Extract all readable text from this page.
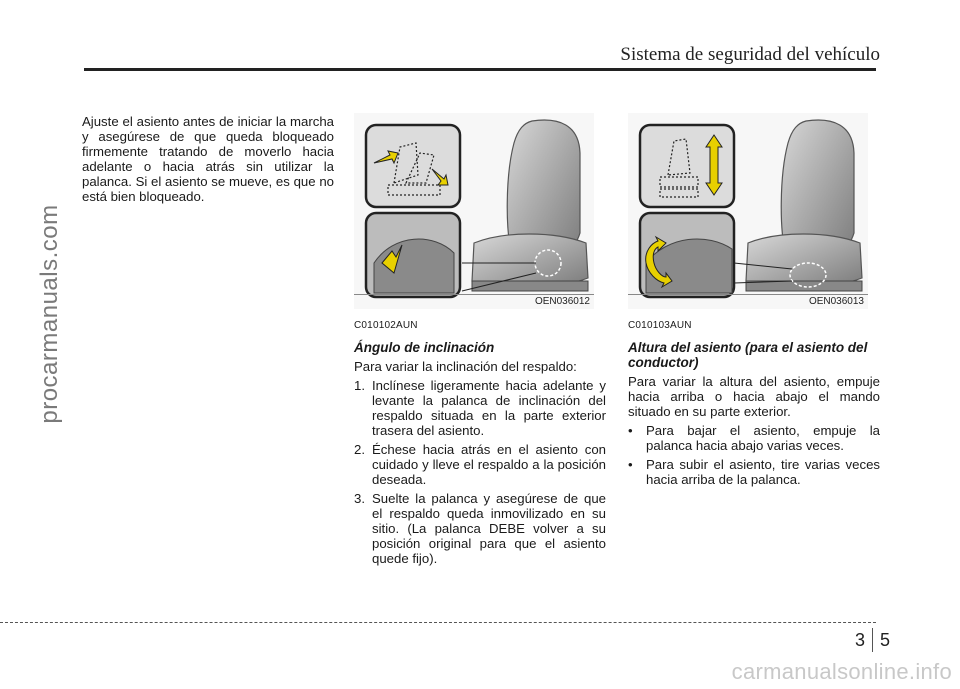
Sistema de seguridad del vehículo
procarmanuals.com
Ajuste el asiento antes de iniciar la marcha y asegúrese de que queda bloqueado firmemente tratando de moverlo hacia adelante o hacia atrás sin utilizar la palanca. Si el asiento se mueve, es que no está bien bloqueado.
OEN036012	OEN036013
C010102AUN
Ángulo de inclinación
Para variar la inclinación del respaldo:
1. Inclínese ligeramente hacia adelante y levante la palanca de inclinación del respaldo situada en la parte exterior trasera del asiento.
2. Échese hacia atrás en el asiento con cuidado y lleve el respaldo a la posición deseada.
3. Suelte la palanca y asegúrese de que el respaldo queda inmovilizado en su sitio. (La palanca DEBE volver a su posición original para que el asiento quede fijo).
C010103AUN
Altura del asiento (para el asiento del conductor)
Para variar la altura del asiento, empuje hacia arriba o hacia abajo el mando situado en su parte exterior.
• Para bajar el asiento, empuje la palanca hacia abajo varias veces.
• Para subir el asiento, tire varias veces hacia arriba de la palanca.
3 5
carmanualsonline.info
